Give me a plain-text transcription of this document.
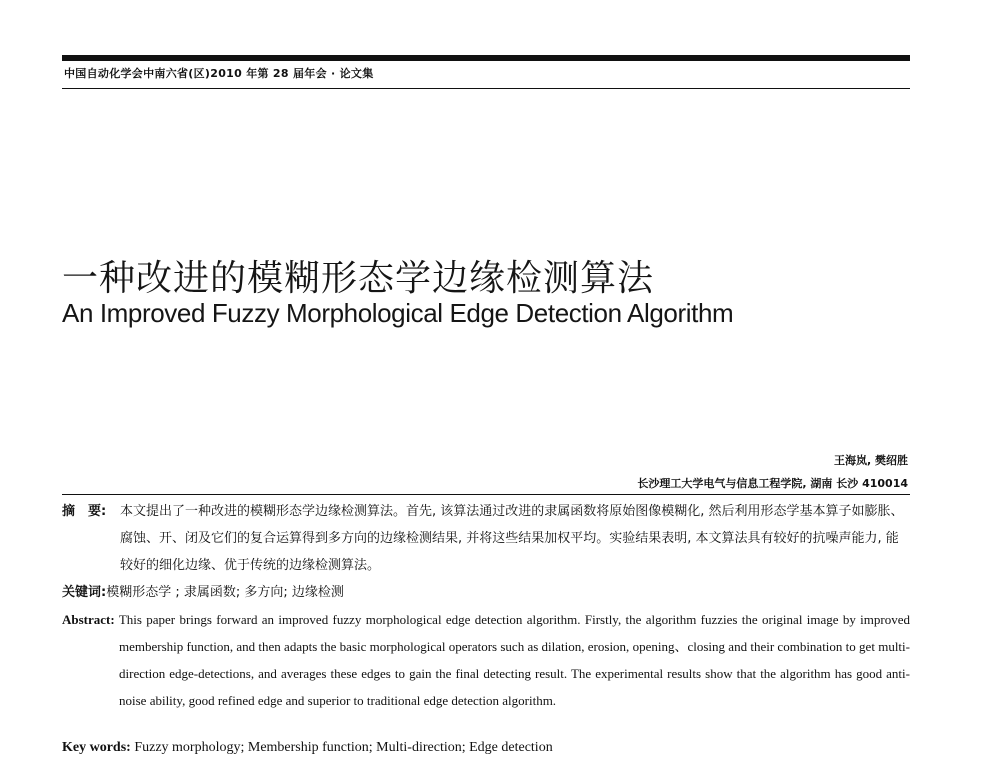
中国自动化学会中南六省(区)2010 年第 28 届年会 · 论文集
一种改进的模糊形态学边缘检测算法
An Improved Fuzzy Morphological Edge Detection Algorithm
王海岚, 樊绍胜
长沙理工大学电气与信息工程学院, 湖南 长沙 410014
摘　要:	本文提出了一种改进的模糊形态学边缘检测算法。首先, 该算法通过改进的隶属函数将原始图像模糊化, 然后利用形态学基本算子如膨胀、腐蚀、开、闭及它们的复合运算得到多方向的边缘检测结果, 并将这些结果加权平均。实验结果表明, 本文算法具有较好的抗噪声能力, 能较好的细化边缘、优于传统的边缘检测算法。
关键词:模糊形态学 ; 隶属函数; 多方向; 边缘检测
Abstract: This paper brings forward an improved fuzzy morphological edge detection algorithm. Firstly, the algorithm fuzzies the original image by improved membership function, and then adapts the basic morphological operators such as dilation, erosion, opening、closing and their combination to get multi-direction edge-detections, and averages these edges to gain the final detecting result. The experimental results show that the algorithm has good anti-noise ability, good refined edge and superior to traditional edge detection algorithm.
Key words: Fuzzy morphology; Membership function; Multi-direction; Edge detection
